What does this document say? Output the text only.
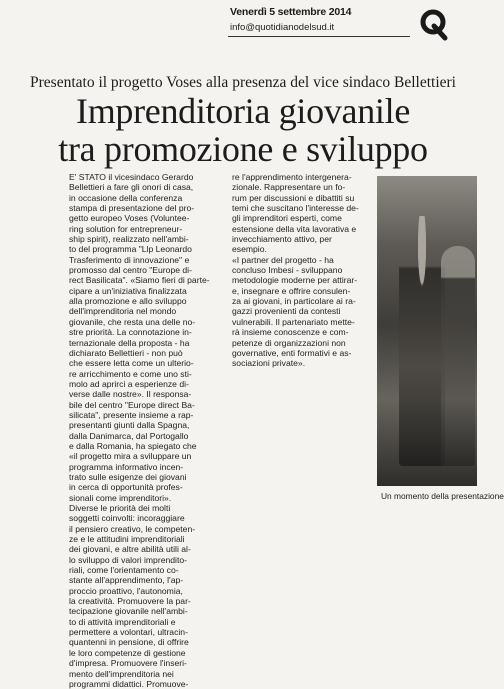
Venerdì 5 settembre 2014
info@quotidianodelsud.it
Presentato il progetto Voses alla presenza del vice sindaco Bellettieri
Imprenditoria giovanile
tra promozione e sviluppo
E' STATO il vicesindaco Gerardo
Bellettieri a fare gli onori di casa,
in occasione della conferenza
stampa di presentazione del pro-
getto europeo Voses (Voluntee-
ring solution for entrepreneur-
ship spirit), realizzato nell'ambi-
to del programma "Llp Leonardo
Trasferimento di innovazione" e
promosso dal centro "Europe di-
rect Basilicata". «Siamo fieri di parte-
cipare a un'iniziativa finalizzata
alla promozione e allo sviluppo
dell'imprenditoria nel mondo
giovanile, che resta una delle no-
stre priorità. La connotazione in-
ternazionale della proposta - ha
dichiarato Bellettieri - non può
che essere letta come un ulterio-
re arricchimento e come uno sti-
molo ad aprirci a esperienze di-
verse dalle nostre». Il responsa-
bile del centro "Europe direct Ba-
silicata", presente insieme a rap-
presentanti giunti dalla Spagna,
dalla Danimarca, dal Portogallo
e dalla Romania, ha spiegato che
«il progetto mira a sviluppare un
programma informativo incen-
trato sulle esigenze dei giovani
in cerca di opportunità profes-
sionali come imprenditori».
Diverse le priorità dei molti
soggetti coinvolti: incoraggiare
il pensiero creativo, le competen-
ze e le attitudini imprenditoriali
dei giovani, e altre abilità utili al-
lo sviluppo di valori imprendito-
riali, come l'orientamento co-
stante all'apprendimento, l'ap-
proccio proattivo, l'autonomia,
la creatività. Promuovere la par-
tecipazione giovanile nell'ambi-
to di attività imprenditoriali e
permettere a volontari, ultracin-
quantenni in pensione, di offrire
le loro competenze di gestione
d'impresa. Promuovere l'inseri-
mento dell'imprenditoria nei
programmi didattici. Promuove-
re l'apprendimento intergenera-
zionale. Rappresentare un fo-
rum per discussioni e dibattiti su
temi che suscitano l'interesse de-
gli imprenditori esperti, come
estensione della vita lavorativa e
invecchiamento attivo, per
esempio.
«I partner del progetto - ha
concluso Imbesi - sviluppano
metodologie moderne per attirar-
e, insegnare e offrire consulen-
za ai giovani, in particolare ai ra-
gazzi provenienti da contesti
vulnerabili. Il partenariato mette-
rà insieme conoscenze e com-
petenze di organizzazioni non
governative, enti formativi e as-
sociazioni private».
Un momento della presentazione
